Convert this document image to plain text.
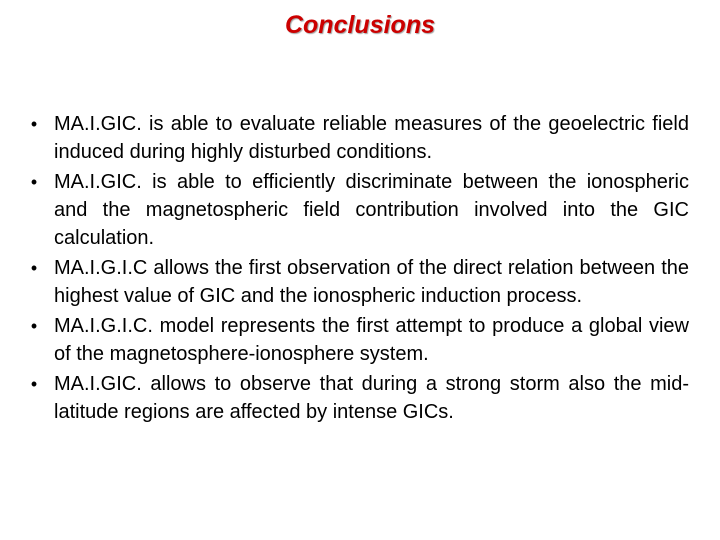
Conclusions
• MA.I.GIC. is able to evaluate reliable measures of the geoelectric field induced during highly disturbed conditions.
• MA.I.GIC. is able to efficiently discriminate between the ionospheric and the magnetospheric field contribution involved into the GIC calculation.
• MA.I.G.I.C allows the first observation of the direct relation between the highest value of GIC and the ionospheric induction process.
• MA.I.G.I.C. model represents the first attempt to produce a global view of the magnetosphere-ionosphere system.
• MA.I.GIC. allows to observe that during a strong storm also the mid-latitude regions are affected by intense GICs.
